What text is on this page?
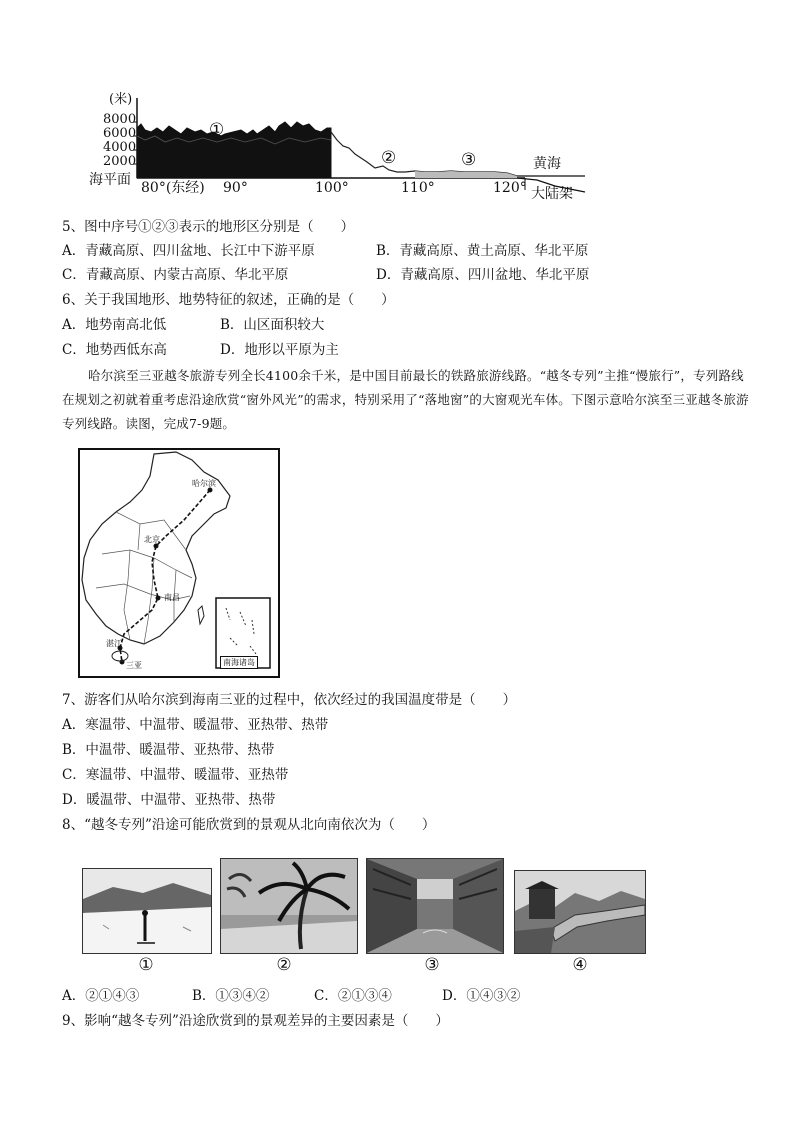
(米)
8000
6000
4000
2000
海平面 80°(东经) 90°	100°	110°	120°
①
②	③	黄海
大陆架
5、图中序号①②③表示的地形区分别是（　　）
A．青藏高原、四川盆地、长江中下游平原	B．青藏高原、黄土高原、华北平原
C．青藏高原、内蒙古高原、华北平原	D．青藏高原、四川盆地、华北平原
6、关于我国地形、地势特征的叙述，正确的是（　　）
A．地势南高北低	B．山区面积较大
C．地势西低东高	D．地形以平原为主
哈尔滨至三亚越冬旅游专列全长4100余千米，是中国目前最长的铁路旅游线路。“越冬专列”主推“慢旅行”，专列路线在规划之初就着重考虑沿途欣赏“窗外风光”的需求，特别采用了“落地窗”的大窗观光车体。下图示意哈尔滨至三亚越冬旅游专列线路。读图，完成7-9题。
哈尔滨
北京
南昌
湛江
三亚	南海诸岛
7、游客们从哈尔滨到海南三亚的过程中，依次经过的我国温度带是（　　）
A．寒温带、中温带、暖温带、亚热带、热带
B．中温带、暖温带、亚热带、热带
C．寒温带、中温带、暖温带、亚热带
D．暖温带、中温带、亚热带、热带
8、“越冬专列”沿途可能欣赏到的景观从北向南依次为（　　）
①	②	③	④
A．②①④③	B．①③④②	C．②①③④	D．①④③②
9、影响“越冬专列”沿途欣赏到的景观差异的主要因素是（　　）
